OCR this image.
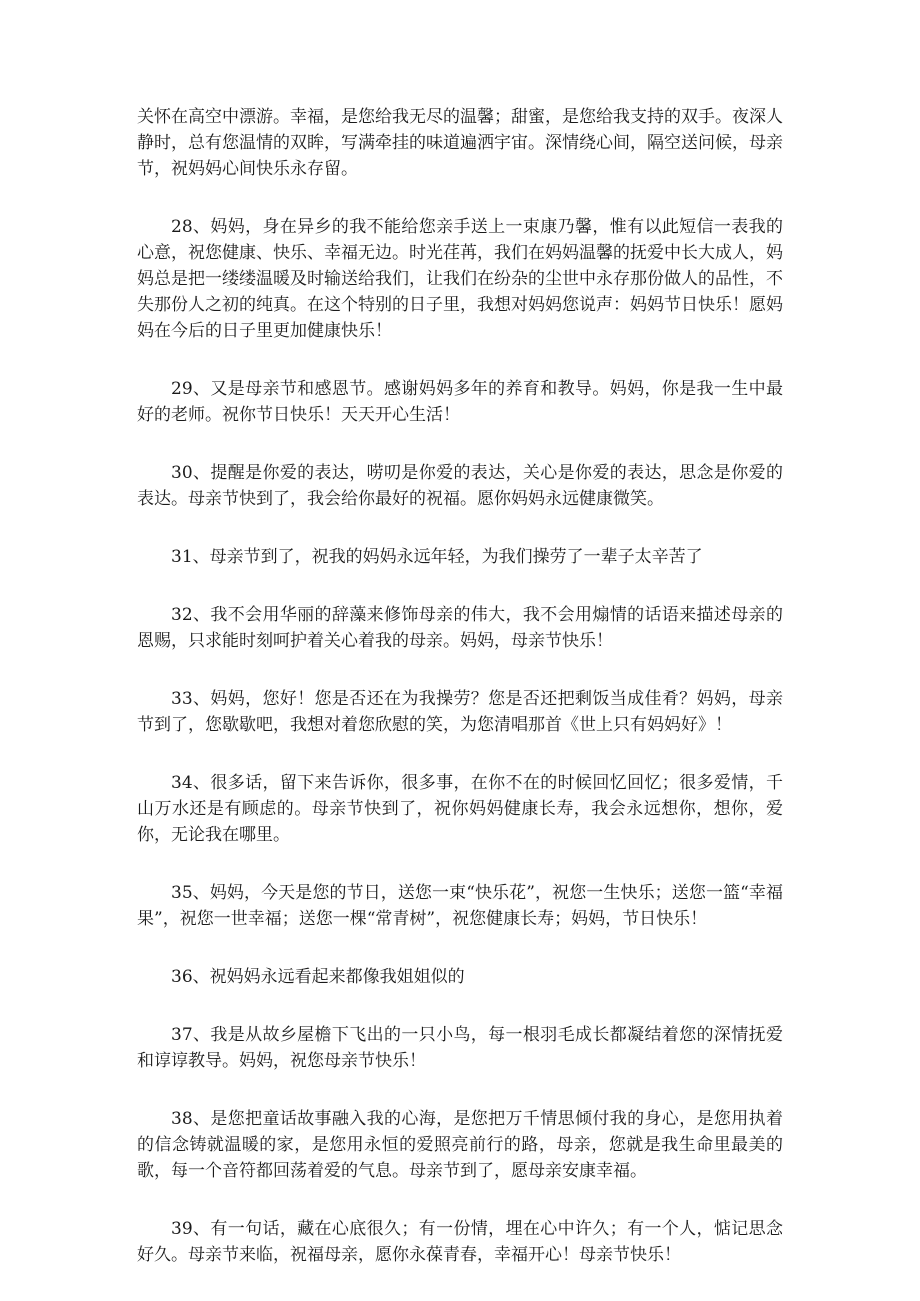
关怀在高空中漂游。幸福，是您给我无尽的温馨；甜蜜，是您给我支持的双手。夜深人静时，总有您温情的双眸，写满牵挂的味道遍洒宇宙。深情绕心间，隔空送问候，母亲节，祝妈妈心间快乐永存留。

28、妈妈，身在异乡的我不能给您亲手送上一束康乃馨，惟有以此短信一表我的心意，祝您健康、快乐、幸福无边。时光荏苒，我们在妈妈温馨的抚爱中长大成人，妈妈总是把一缕缕温暖及时输送给我们，让我们在纷杂的尘世中永存那份做人的品性，不失那份人之初的纯真。在这个特别的日子里，我想对妈妈您说声：妈妈节日快乐！愿妈妈在今后的日子里更加健康快乐！

29、又是母亲节和感恩节。感谢妈妈多年的养育和教导。妈妈，你是我一生中最好的老师。祝你节日快乐！天天开心生活！

30、提醒是你爱的表达，唠叨是你爱的表达，关心是你爱的表达，思念是你爱的表达。母亲节快到了，我会给你最好的祝福。愿你妈妈永远健康微笑。

31、母亲节到了，祝我的妈妈永远年轻，为我们操劳了一辈子太辛苦了

32、我不会用华丽的辞藻来修饰母亲的伟大，我不会用煽情的话语来描述母亲的恩赐，只求能时刻呵护着关心着我的母亲。妈妈，母亲节快乐！

33、妈妈，您好！您是否还在为我操劳？您是否还把剩饭当成佳肴？妈妈，母亲节到了，您歇歇吧，我想对着您欣慰的笑，为您清唱那首《世上只有妈妈好》！

34、很多话，留下来告诉你，很多事，在你不在的时候回忆回忆；很多爱情，千山万水还是有顾虑的。母亲节快到了，祝你妈妈健康长寿，我会永远想你，想你，爱你，无论我在哪里。

35、妈妈，今天是您的节日，送您一束“快乐花”，祝您一生快乐；送您一篮“幸福果”，祝您一世幸福；送您一棵“常青树”，祝您健康长寿；妈妈，节日快乐！

36、祝妈妈永远看起来都像我姐姐似的

37、我是从故乡屋檐下飞出的一只小鸟，每一根羽毛成长都凝结着您的深情抚爱和谆谆教导。妈妈，祝您母亲节快乐！

38、是您把童话故事融入我的心海，是您把万千情思倾付我的身心，是您用执着的信念铸就温暖的家，是您用永恒的爱照亮前行的路，母亲，您就是我生命里最美的歌，每一个音符都回荡着爱的气息。母亲节到了，愿母亲安康幸福。

39、有一句话，藏在心底很久；有一份情，埋在心中许久；有一个人，惦记思念好久。母亲节来临，祝福母亲，愿你永葆青春，幸福开心！母亲节快乐！
